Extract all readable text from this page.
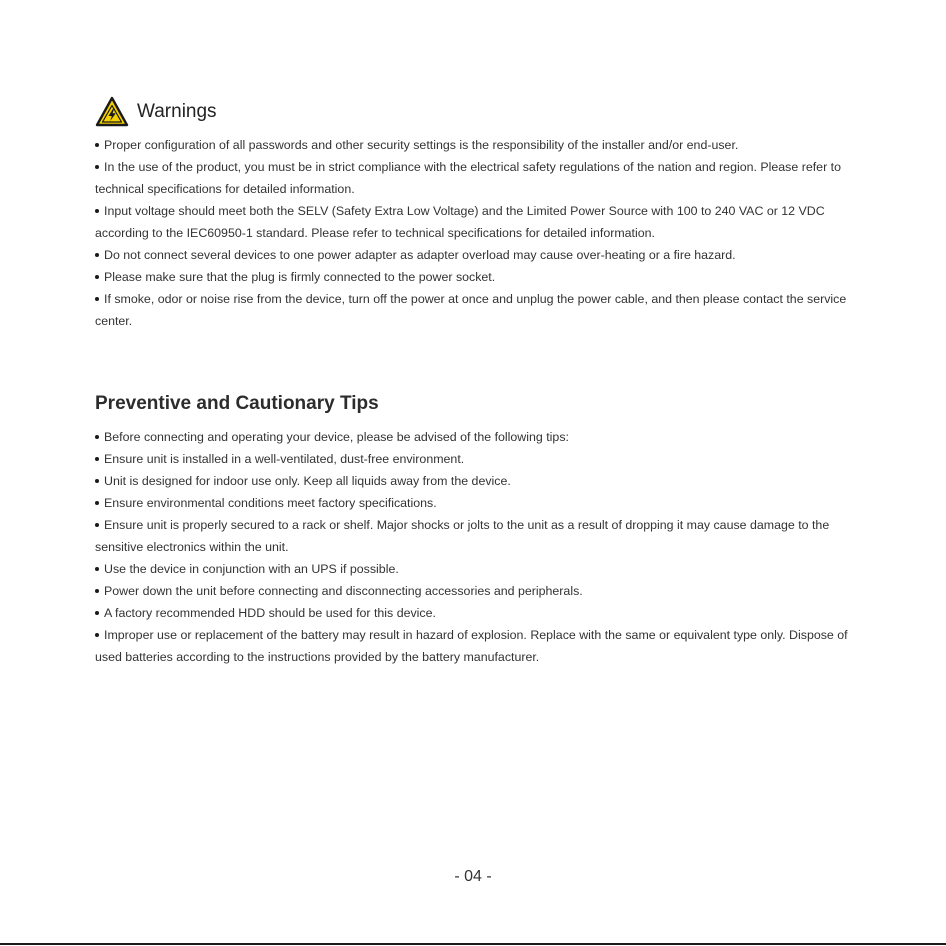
Warnings
Proper configuration of all passwords and other security settings is the responsibility of the installer and/or end-user.
In the use of the product, you must be in strict compliance with the electrical safety regulations of the nation and region. Please refer to technical specifications for detailed information.
Input voltage should meet both the SELV (Safety Extra Low Voltage) and the Limited Power Source with 100 to 240 VAC or 12 VDC according to the IEC60950-1 standard. Please refer to technical specifications for detailed information.
Do not connect several devices to one power adapter as adapter overload may cause over-heating or a fire hazard.
Please make sure that the plug is firmly connected to the power socket.
If smoke, odor or noise rise from the device, turn off the power at once and unplug the power cable, and then please contact the service center.
Preventive and Cautionary Tips
Before connecting and operating your device, please be advised of the following tips:
Ensure unit is installed in a well-ventilated, dust-free environment.
Unit is designed for indoor use only. Keep all liquids away from the device.
Ensure environmental conditions meet factory specifications.
Ensure unit is properly secured to a rack or shelf. Major shocks or jolts to the unit as a result of dropping it may cause damage to the sensitive electronics within the unit.
Use the device in conjunction with an UPS if possible.
Power down the unit before connecting and disconnecting accessories and peripherals.
A factory recommended HDD should be used for this device.
Improper use or replacement of the battery may result in hazard of explosion. Replace with the same or equivalent type only. Dispose of used batteries according to the instructions provided by the battery manufacturer.
- 04 -
